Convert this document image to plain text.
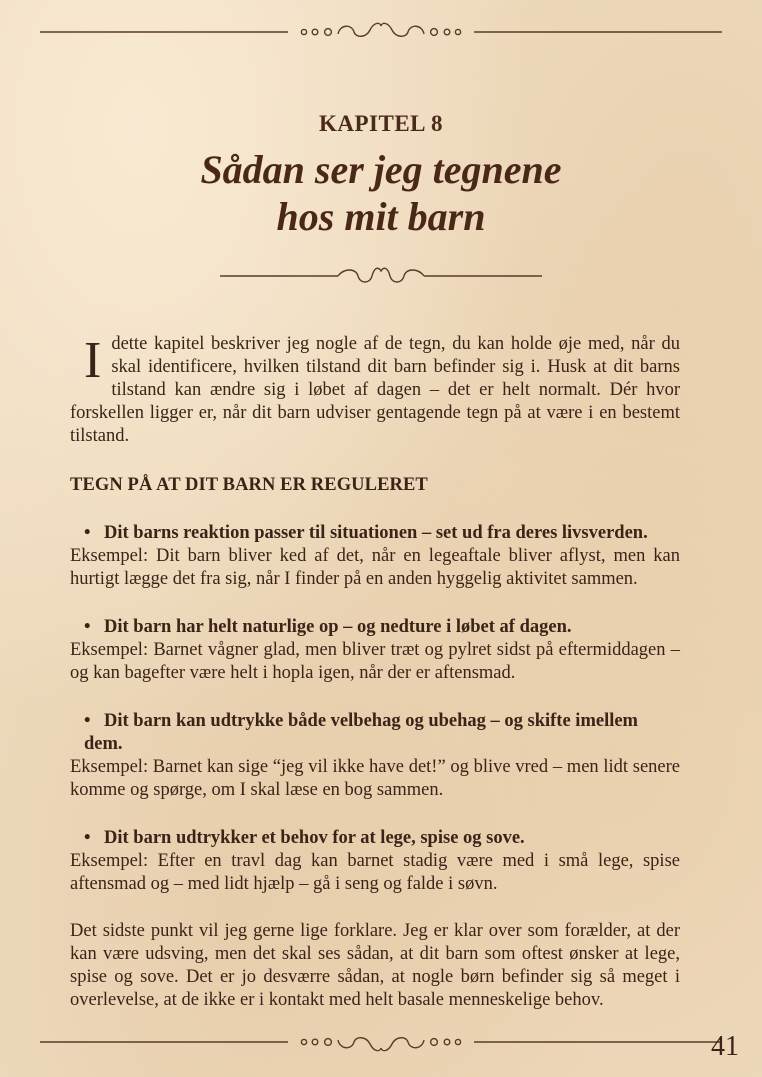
KAPITEL 8
Sådan ser jeg tegnene
hos mit barn

Idette kapitel beskriver jeg nogle af de tegn, du kan holde øje med, når du skal identificere, hvilken tilstand dit barn befinder sig i. Husk at dit barns tilstand kan ændre sig i løbet af dagen – det er helt normalt. Dér hvor forskellen ligger er, når dit barn udviser gentagende tegn på at være i en bestemt tilstand.

TEGN PÅ AT DIT BARN ER REGULERET
• Dit barns reaktion passer til situationen – set ud fra deres livsverden.
Eksempel: Dit barn bliver ked af det, når en legeaftale bliver aflyst, men kan hurtigt lægge det fra sig, når I finder på en anden hyggelig aktivitet sammen.
• Dit barn har helt naturlige op – og nedture i løbet af dagen.
Eksempel: Barnet vågner glad, men bliver træt og pylret sidst på eftermiddagen – og kan bagefter være helt i hopla igen, når der er aftensmad.
• Dit barn kan udtrykke både velbehag og ubehag – og skifte imellem dem.
Eksempel: Barnet kan sige “jeg vil ikke have det!” og blive vred – men lidt senere komme og spørge, om I skal læse en bog sammen.
• Dit barn udtrykker et behov for at lege, spise og sove.
Eksempel: Efter en travl dag kan barnet stadig være med i små lege, spise aftensmad og – med lidt hjælp – gå i seng og falde i søvn.

Det sidste punkt vil jeg gerne lige forklare. Jeg er klar over som forælder, at der kan være udsving, men det skal ses sådan, at dit barn som oftest ønsker at lege, spise og sove. Det er jo desværre sådan, at nogle børn befinder sig så meget i overlevelse, at de ikke er i kontakt med helt basale menneskelige behov.

41
